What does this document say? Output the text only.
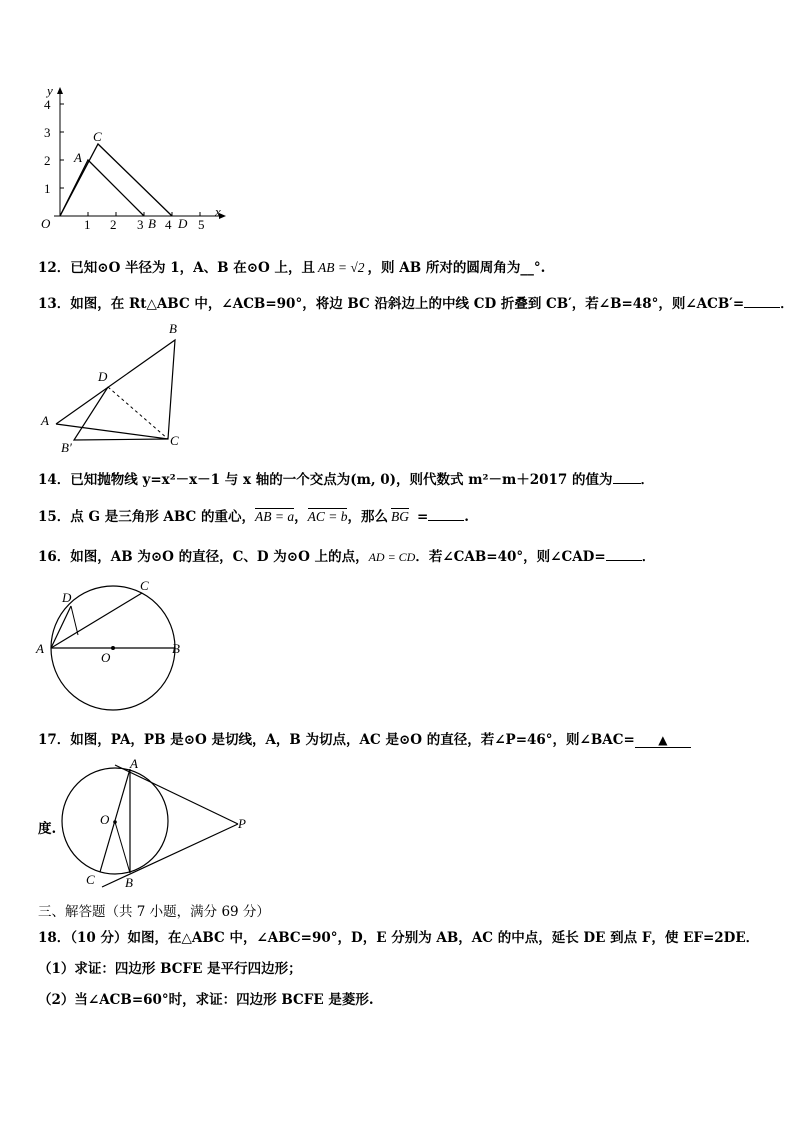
y
x
O
1
2
3
4
1 2 3 4 5
A
C
B D
12．已知⊙O 半径为 1，A、B 在⊙O 上，且 AB = √2 ，则 AB 所对的圆周角为__°.
13．如图，在 Rt△ABC 中，∠ACB=90°，将边 BC 沿斜边上的中线 CD 折叠到 CB′，若∠B=48°，则∠ACB′=	．
B
D
A
C
B′
14．已知抛物线 y=x²－x－1 与 x 轴的一个交点为(m, 0)，则代数式 m²－m＋2017 的值为 ．
15．点 G 是三角形 ABC 的重心，AB = a，AC = b，那么 BG =	.
16．如图，AB 为⊙O 的直径，C、D 为⊙O 上的点，AD = CD．若∠CAB=40°，则∠CAD=	．
D
C
A	B
O
17．如图，PA，PB 是⊙O 是切线，A，B 为切点，AC 是⊙O 的直径，若∠P=46°，则∠BAC= ▲
A
O	P
C B
度.
三、解答题（共 7 小题，满分 69 分）
18．（10 分）如图，在△ABC 中，∠ABC=90°，D，E 分别为 AB，AC 的中点，延长 DE 到点 F，使 EF=2DE．
（1）求证：四边形 BCFE 是平行四边形；
（2）当∠ACB=60°时，求证：四边形 BCFE 是菱形.
